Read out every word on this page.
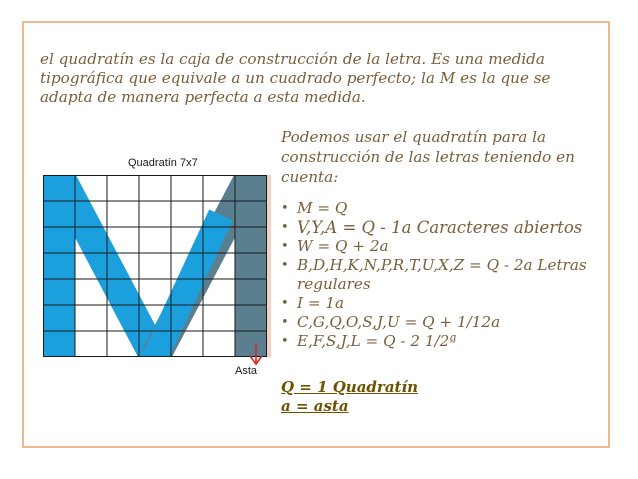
el quadratín es la caja de construcción de la letra. Es una medida tipográfica que equivale a un cuadrado perfecto; la M es la que se adapta de manera perfecta a esta medida.

Quadratín 7x7
Asta

Podemos usar el quadratín para la construcción de las letras teniendo en cuenta:

• M = Q
• V,Y,A = Q - 1a Caracteres abiertos
• W = Q + 2a
• B,D,H,K,N,P,R,T,U,X,Z = Q - 2a Letras regulares
• I = 1a
• C,G,Q,O,S,J,U = Q + 1/12a
• E,F,S,J,L = Q - 2 1/2ª
Q = 1 Quadratín
a = asta
